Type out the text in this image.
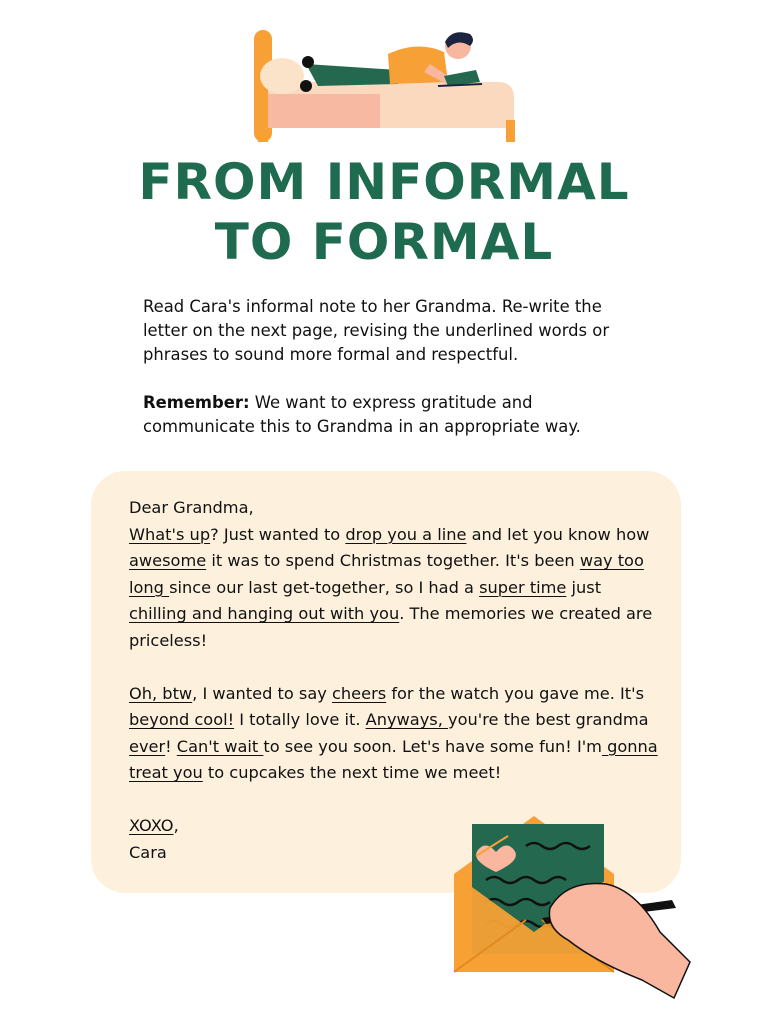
FROM INFORMAL
TO FORMAL

Read Cara's informal note to her Grandma. Re-write the letter on the next page, revising the underlined words or phrases to sound more formal and respectful.

Remember: We want to express gratitude and communicate this to Grandma in an appropriate way.

Dear Grandma,

What's up? Just wanted to drop you a line and let you know how awesome it was to spend Christmas together. It's been way too long since our last get-together, so I had a super time just chilling and hanging out with you. The memories we created are priceless!

Oh, btw, I wanted to say cheers for the watch you gave me. It's beyond cool! I totally love it. Anyways, you're the best grandma ever! Can't wait to see you soon. Let's have some fun! I'm gonna treat you to cupcakes the next time we meet!

XOXO,

Cara
